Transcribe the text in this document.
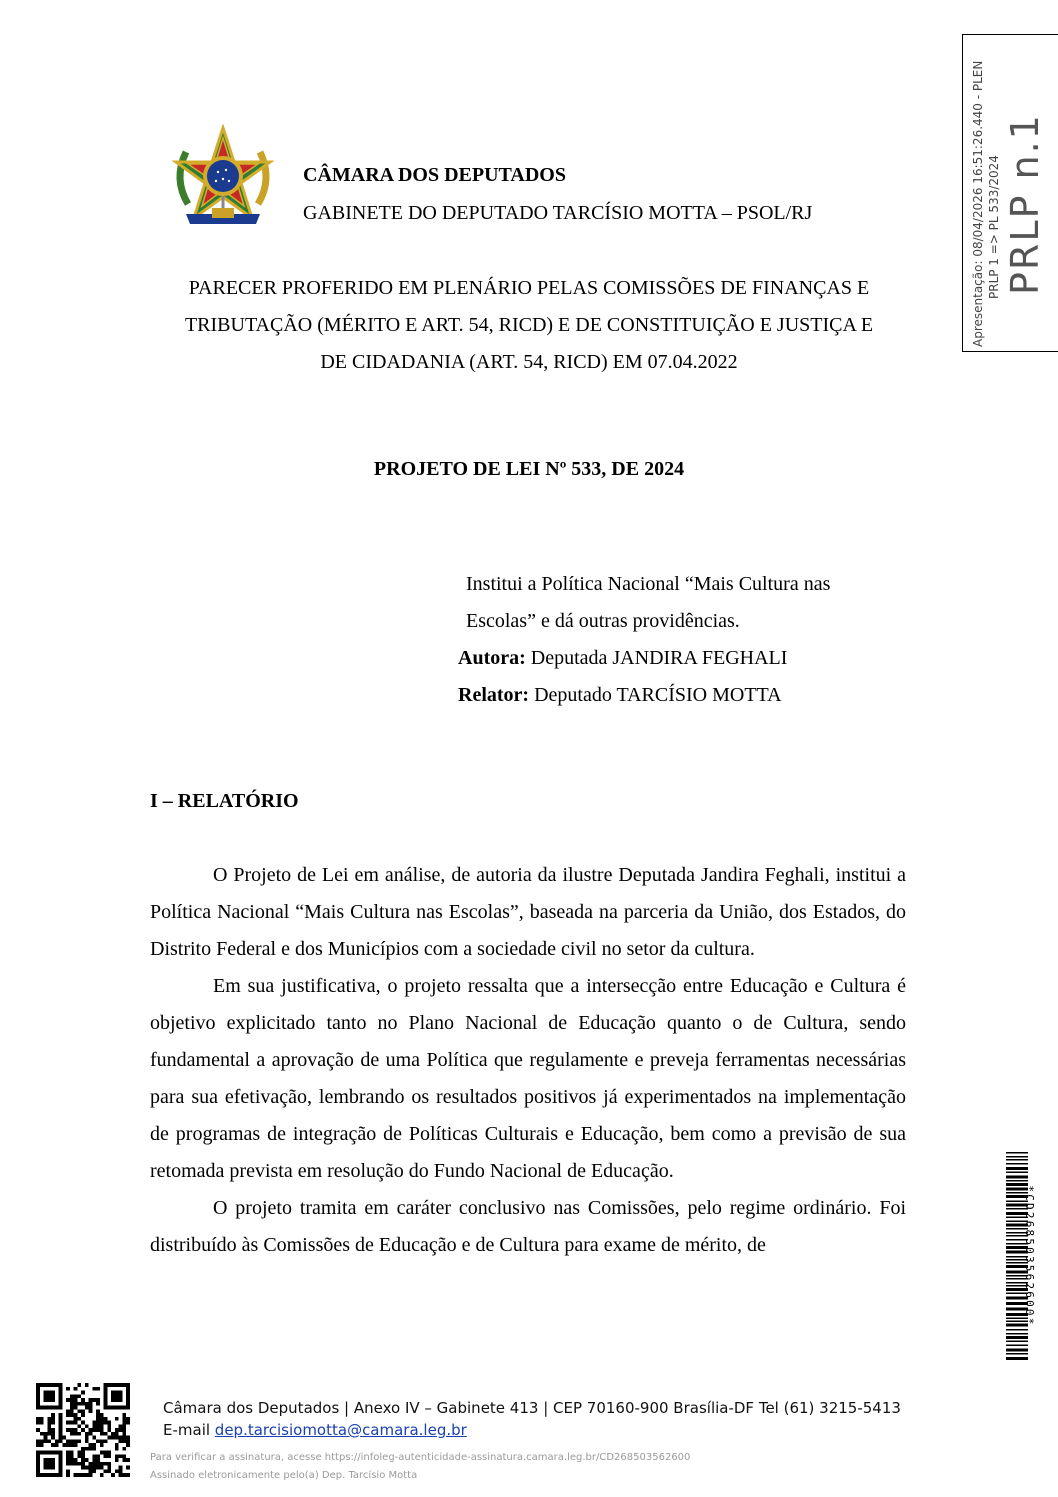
CÂMARA DOS DEPUTADOS
GABINETE DO DEPUTADO TARCÍSIO MOTTA – PSOL/RJ
PARECER PROFERIDO EM PLENÁRIO PELAS COMISSÕES DE FINANÇAS E
TRIBUTAÇÃO (MÉRITO E ART. 54, RICD) E DE CONSTITUIÇÃO E JUSTIÇA E
DE CIDADANIA (ART. 54, RICD) EM 07.04.2022
PROJETO DE LEI Nº 533, DE 2024
Institui a Política Nacional “Mais Cultura nas Escolas” e dá outras providências.
Autora: Deputada JANDIRA FEGHALI
Relator: Deputado TARCÍSIO MOTTA
I – RELATÓRIO

O Projeto de Lei em análise, de autoria da ilustre Deputada Jandira Feghali, institui a Política Nacional “Mais Cultura nas Escolas”, baseada na parceria da União, dos Estados, do Distrito Federal e dos Municípios com a sociedade civil no setor da cultura.

Em sua justificativa, o projeto ressalta que a intersecção entre Educação e Cultura é objetivo explicitado tanto no Plano Nacional de Educação quanto o de Cultura, sendo fundamental a aprovação de uma Política que regulamente e preveja ferramentas necessárias para sua efetivação, lembrando os resultados positivos já experimentados na implementação de programas de integração de Políticas Culturais e Educação, bem como a previsão de sua retomada prevista em resolução do Fundo Nacional de Educação.

O projeto tramita em caráter conclusivo nas Comissões, pelo regime ordinário. Foi distribuído às Comissões de Educação e de Cultura para exame de mérito, de

Apresentação: 08/04/2026 16:51:26.440 - PLEN PRLP 1 => PL 533/2024 PRLP n.1
*CD268503562600*
Câmara dos Deputados | Anexo IV – Gabinete 413 | CEP 70160-900 Brasília-DF Tel (61) 3215-5413 E-mail dep.tarcisiomotta@camara.leg.br
Para verificar a assinatura, acesse https://infoleg-autenticidade-assinatura.camara.leg.br/CD268503562600
Assinado eletronicamente pelo(a) Dep. Tarcísio Motta
